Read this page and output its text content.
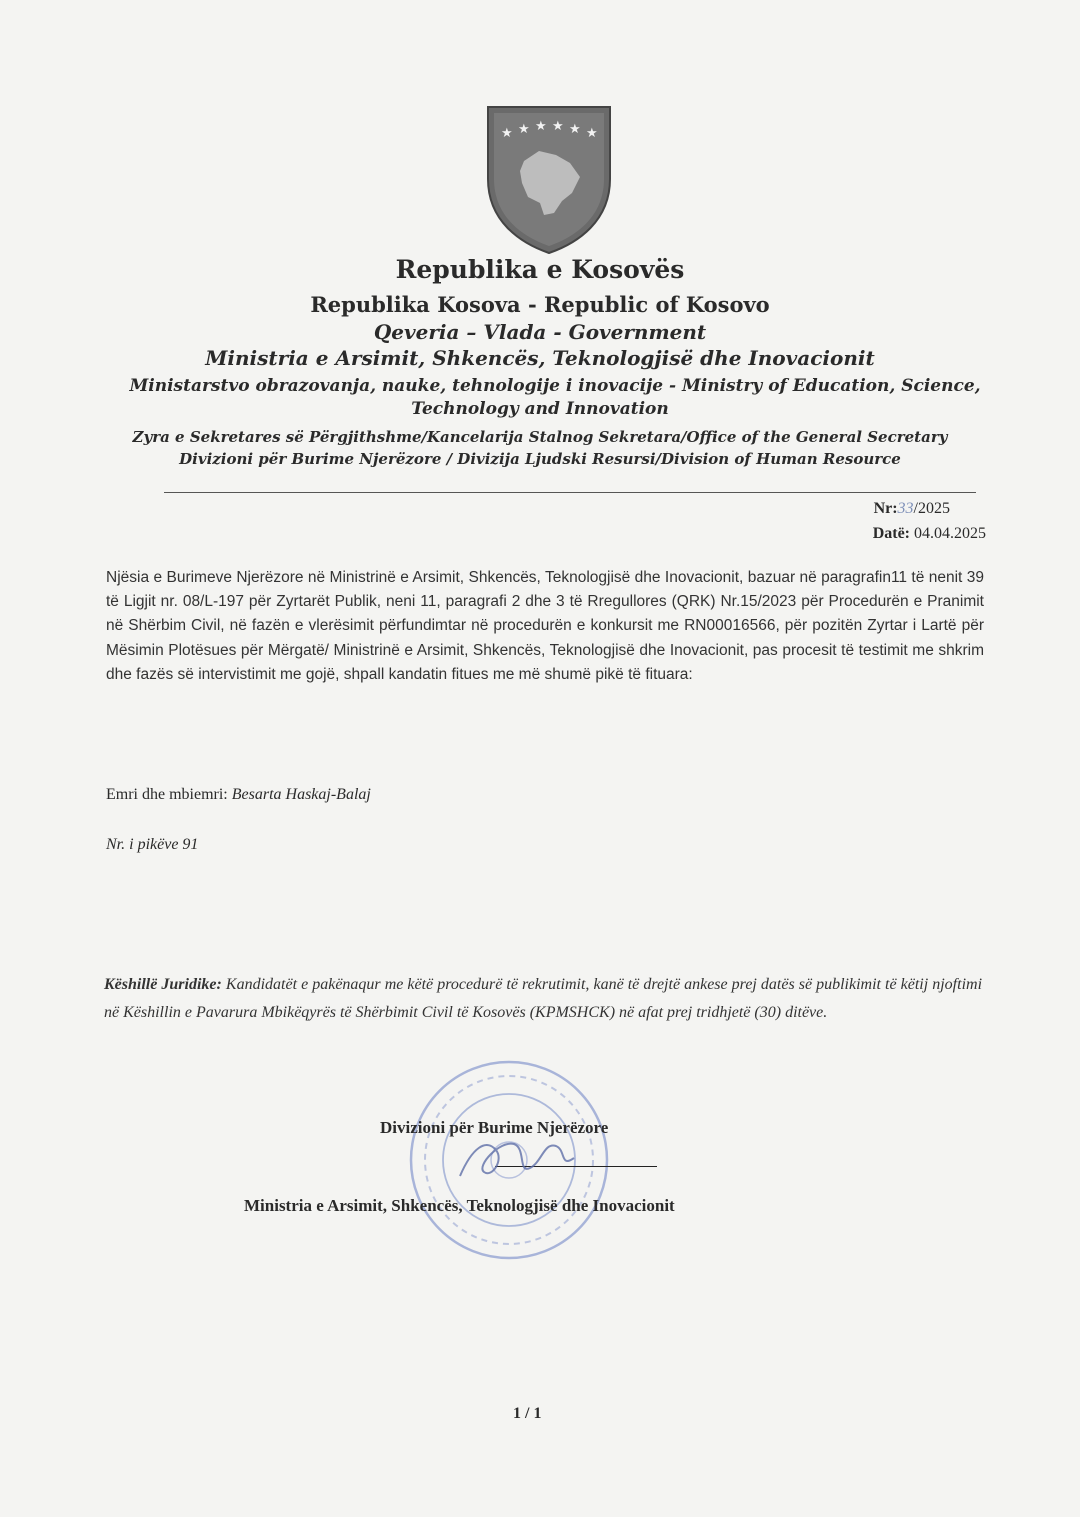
★ ★ ★ ★ ★ ★
Republika e Kosovës
Republika Kosova - Republic of Kosovo
Qeveria – Vlada - Government
Ministria e Arsimit, Shkencës, Teknologjisë dhe Inovacionit
Ministarstvo obrazovanja, nauke, tehnologije i inovacije - Ministry of Education, Science,
Technology and Innovation
Zyra e Sekretares së Përgjithshme/Kancelarija Stalnog Sekretara/Office of the General Secretary
Divizioni për Burime Njerëzore / Divizija Ljudski Resursi/Division of Human Resource
Nr:33/2025
Datë: 04.04.2025
Njësia e Burimeve Njerëzore në Ministrinë e Arsimit, Shkencës, Teknologjisë dhe Inovacionit, bazuar në paragrafin11 të nenit 39 të Ligjit nr. 08/L-197 për Zyrtarët Publik, neni 11, paragrafi 2 dhe 3 të Rregullores (QRK) Nr.15/2023 për Procedurën e Pranimit në Shërbim Civil, në fazën e vlerësimit përfundimtar në procedurën e konkursit me RN00016566, për pozitën Zyrtar i Lartë për Mësimin Plotësues për Mërgatë/ Ministrinë e Arsimit, Shkencës, Teknologjisë dhe Inovacionit, pas procesit të testimit me shkrim dhe fazës së intervistimit me gojë, shpall kandatin fitues me më shumë pikë të fituara:
Emri dhe mbiemri: Besarta Haskaj-Balaj
Nr. i pikëve 91
Këshillë Juridike: Kandidatët e pakënaqur me këtë procedurë të rekrutimit, kanë të drejtë ankese prej datës së publikimit të këtij njoftimi në Këshillin e Pavarura Mbikëqyrës të Shërbimit Civil të Kosovës (KPMSHCK) në afat prej tridhjetë (30) ditëve.
Divizioni për Burime Njerëzore
Ministria e Arsimit, Shkencës, Teknologjisë dhe Inovacionit
1 / 1
